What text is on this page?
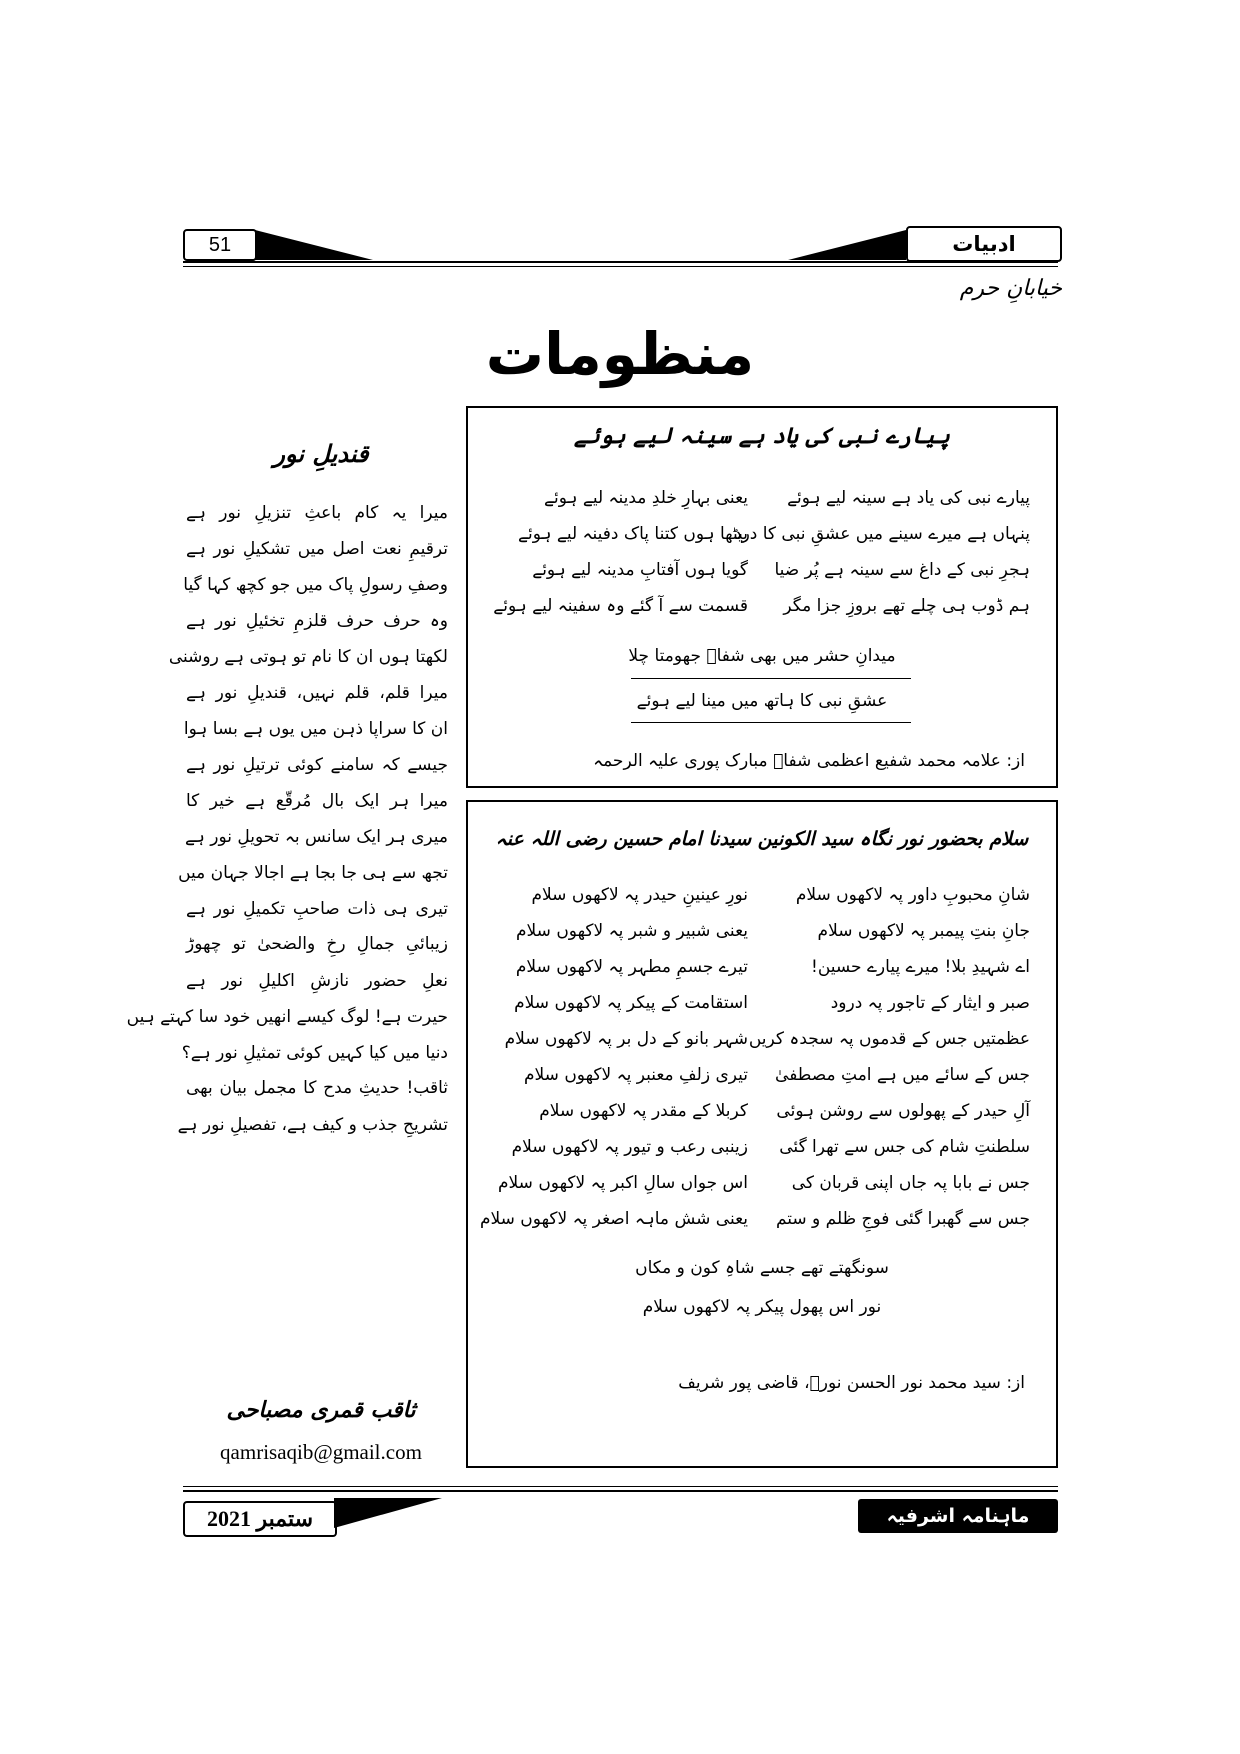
51	ادبیات
خیابانِ حرم
منظومات
پیارے نبی کی یاد ہے سینہ لیے ہوئے
پیارے نبی کی یاد ہے سینہ لیے ہوئے
یعنی بہارِ خلدِ مدینہ لیے ہوئے
پنہاں ہے میرے سینے میں عشقِ نبی کا درد
بیٹھا ہوں کتنا پاک دفینہ لیے ہوئے
ہجرِ نبی کے داغ سے سینہ ہے پُر ضیا
گویا ہوں آفتابِ مدینہ لیے ہوئے
ہم ڈوب ہی چلے تھے بروزِ جزا مگر
قسمت سے آ گئے وہ سفینہ لیے ہوئے
میدانِ حشر میں بھی شفاؔ جھومتا چلا
عشقِ نبی کا ہاتھ میں مینا لیے ہوئے
از: علامہ محمد شفیع اعظمی شفاؔ مبارک پوری علیہ الرحمہ
سلام بحضور نور نگاہ سید الکونین سیدنا امام حسین رضی اللہ عنہ
شانِ محبوبِ داور پہ لاکھوں سلام
نورِ عینینِ حیدر پہ لاکھوں سلام
جانِ بنتِ پیمبر پہ لاکھوں سلام
یعنی شبیر و شبر پہ لاکھوں سلام
اے شہیدِ بلا! میرے پیارے حسین!
تیرے جسمِ مطہر پہ لاکھوں سلام
صبر و ایثار کے تاجور پہ درود
استقامت کے پیکر پہ لاکھوں سلام
عظمتیں جس کے قدموں پہ سجدہ کریں
شہر بانو کے دل بر پہ لاکھوں سلام
جس کے سائے میں ہے امتِ مصطفیٰ
تیری زلفِ معنبر پہ لاکھوں سلام
آلِ حیدر کے پھولوں سے روشن ہوئی
کربلا کے مقدر پہ لاکھوں سلام
سلطنتِ شام کی جس سے تھرا گئی
زینبی رعب و تیور پہ لاکھوں سلام
جس نے بابا پہ جاں اپنی قربان کی
اس جواں سالِ اکبر پہ لاکھوں سلام
جس سے گھبرا گئی فوجِ ظلم و ستم
یعنی شش ماہہ اصغر پہ لاکھوں سلام
سونگھتے تھے جسے شاہِ کون و مکاں
نور اس پھول پیکر پہ لاکھوں سلام
از: سید محمد نور الحسن نورؔ، قاضی پور شریف
قندیلِ نور
میرا یہ کام باعثِ تنزیلِ نور ہے
ترقیمِ نعت اصل میں تشکیلِ نور ہے
وصفِ رسولِ پاک میں جو کچھ کہا گیا
وہ حرف حرف قلزمِ تخئیلِ نور ہے
لکھتا ہوں ان کا نام تو ہوتی ہے روشنی
میرا قلم، قلم نہیں، قندیلِ نور ہے
ان کا سراپا ذہن میں یوں ہے بسا ہوا
جیسے کہ سامنے کوئی ترتیلِ نور ہے
میرا ہر ایک بال مُرقّع ہے خیر کا
میری ہر ایک سانس بہ تحویلِ نور ہے
تجھ سے ہی جا بجا ہے اجالا جہان میں
تیری ہی ذات صاحبِ تکمیلِ نور ہے
زیبائیِ جمالِ رخِ والضحیٰ تو چھوڑ
نعلِ حضور نازشِ اکلیلِ نور ہے
حیرت ہے! لوگ کیسے انھیں خود سا کہتے ہیں
دنیا میں کیا کہیں کوئی تمثیلِ نور ہے؟
ثاقب! حدیثِ مدح کا مجمل بیان بھی
تشریحِ جذب و کیف ہے، تفصیلِ نور ہے
ثاقب قمری مصباحی
qamrisaqib@gmail.com
ستمبر 2021	ماہنامہ اشرفیہ
